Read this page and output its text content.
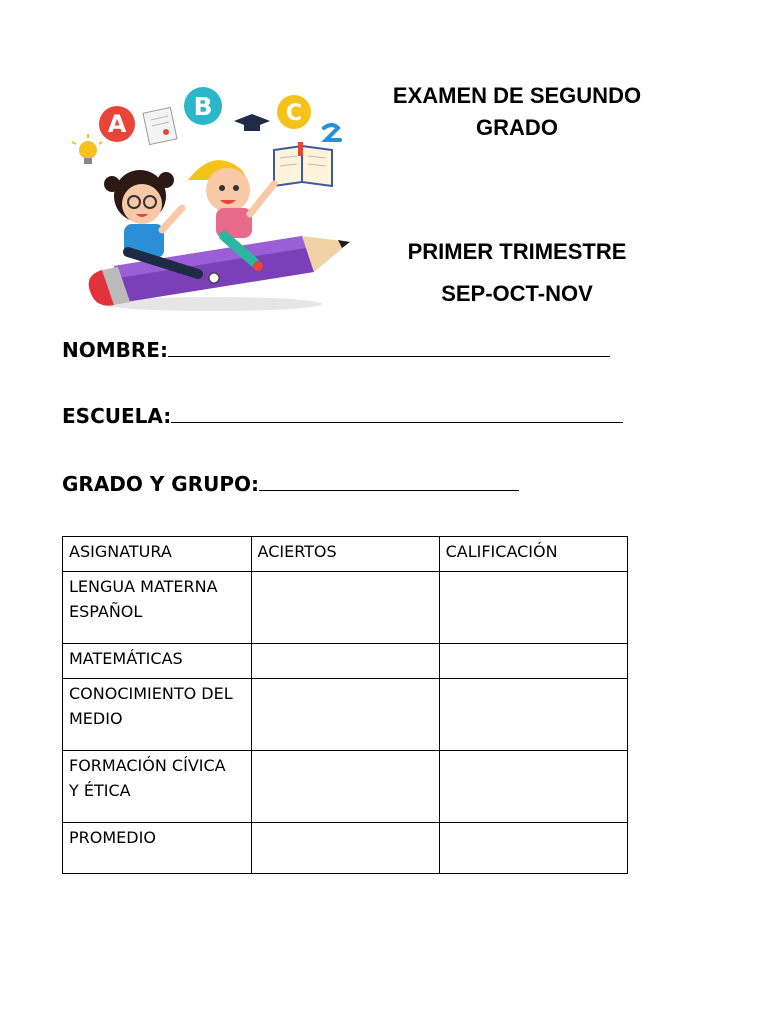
A
B	C
EXAMEN DE SEGUNDO
GRADO
PRIMER TRIMESTRE
SEP-OCT-NOV
NOMBRE:
ESCUELA:
GRADO Y GRUPO:
ASIGNATURA	ACIERTOS	CALIFICACIÓN

LENGUA MATERNA
ESPAÑOL		

MATEMÁTICAS		

CONOCIMIENTO DEL
MEDIO		

FORMACIÓN CÍVICA
Y ÉTICA		

PROMEDIO		
